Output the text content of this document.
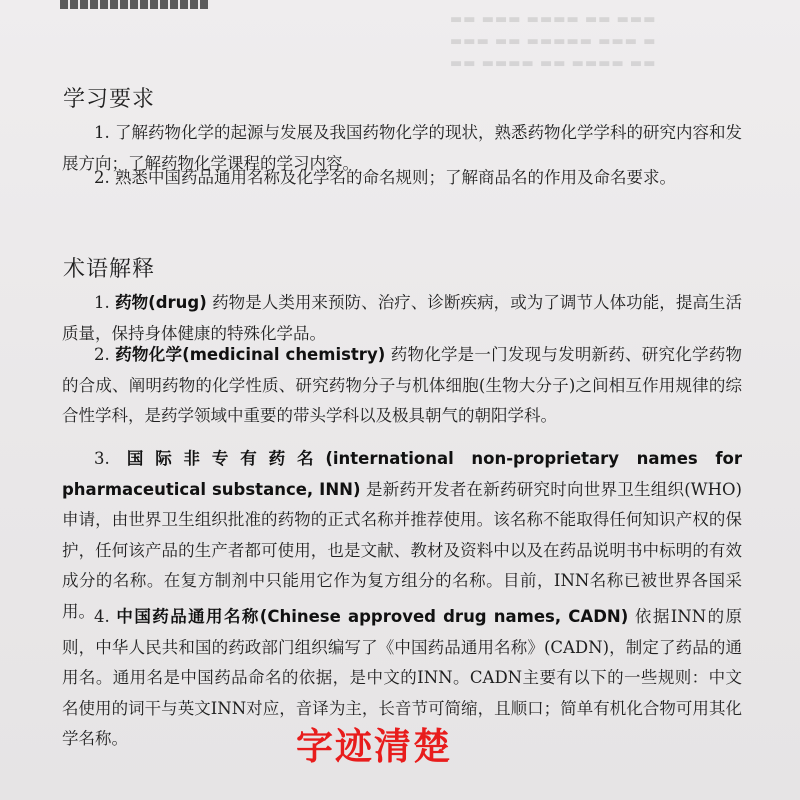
▬▬ ▬▬▬ ▬▬▬▬ ▬▬ ▬▬▬
▬▬▬ ▬▬ ▬▬▬▬▬ ▬▬▬ ▬
▬▬ ▬▬▬▬ ▬▬ ▬▬▬▬ ▬▬
学习要求

1. 了解药物化学的起源与发展及我国药物化学的现状，熟悉药物化学学科的研究内容和发展方向；了解药物化学课程的学习内容。

2. 熟悉中国药品通用名称及化学名的命名规则；了解商品名的作用及命名要求。

术语解释

1. 药物(drug) 药物是人类用来预防、治疗、诊断疾病，或为了调节人体功能，提高生活质量，保持身体健康的特殊化学品。

2. 药物化学(medicinal chemistry) 药物化学是一门发现与发明新药、研究化学药物的合成、阐明药物的化学性质、研究药物分子与机体细胞(生物大分子)之间相互作用规律的综合性学科，是药学领域中重要的带头学科以及极具朝气的朝阳学科。

3. 国际非专有药名(international non-proprietary names for pharmaceutical substance, INN) 是新药开发者在新药研究时向世界卫生组织(WHO)申请，由世界卫生组织批准的药物的正式名称并推荐使用。该名称不能取得任何知识产权的保护，任何该产品的生产者都可使用，也是文献、教材及资料中以及在药品说明书中标明的有效成分的名称。在复方制剂中只能用它作为复方组分的名称。目前，INN名称已被世界各国采用。 4. 中国药品通用名称(Chinese approved drug names, CADN) 依据INN的原则，中华人民共和国的药政部门组织编写了《中国药品通用名称》(CADN)，制定了药品的通用名。通用名是中国药品命名的依据，是中文的INN。CADN主要有以下的一些规则：中文名使用的词干与英文INN对应，音译为主，长音节可简缩，且顺口；简单有机化合物可用其化学名称。	字迹清楚
